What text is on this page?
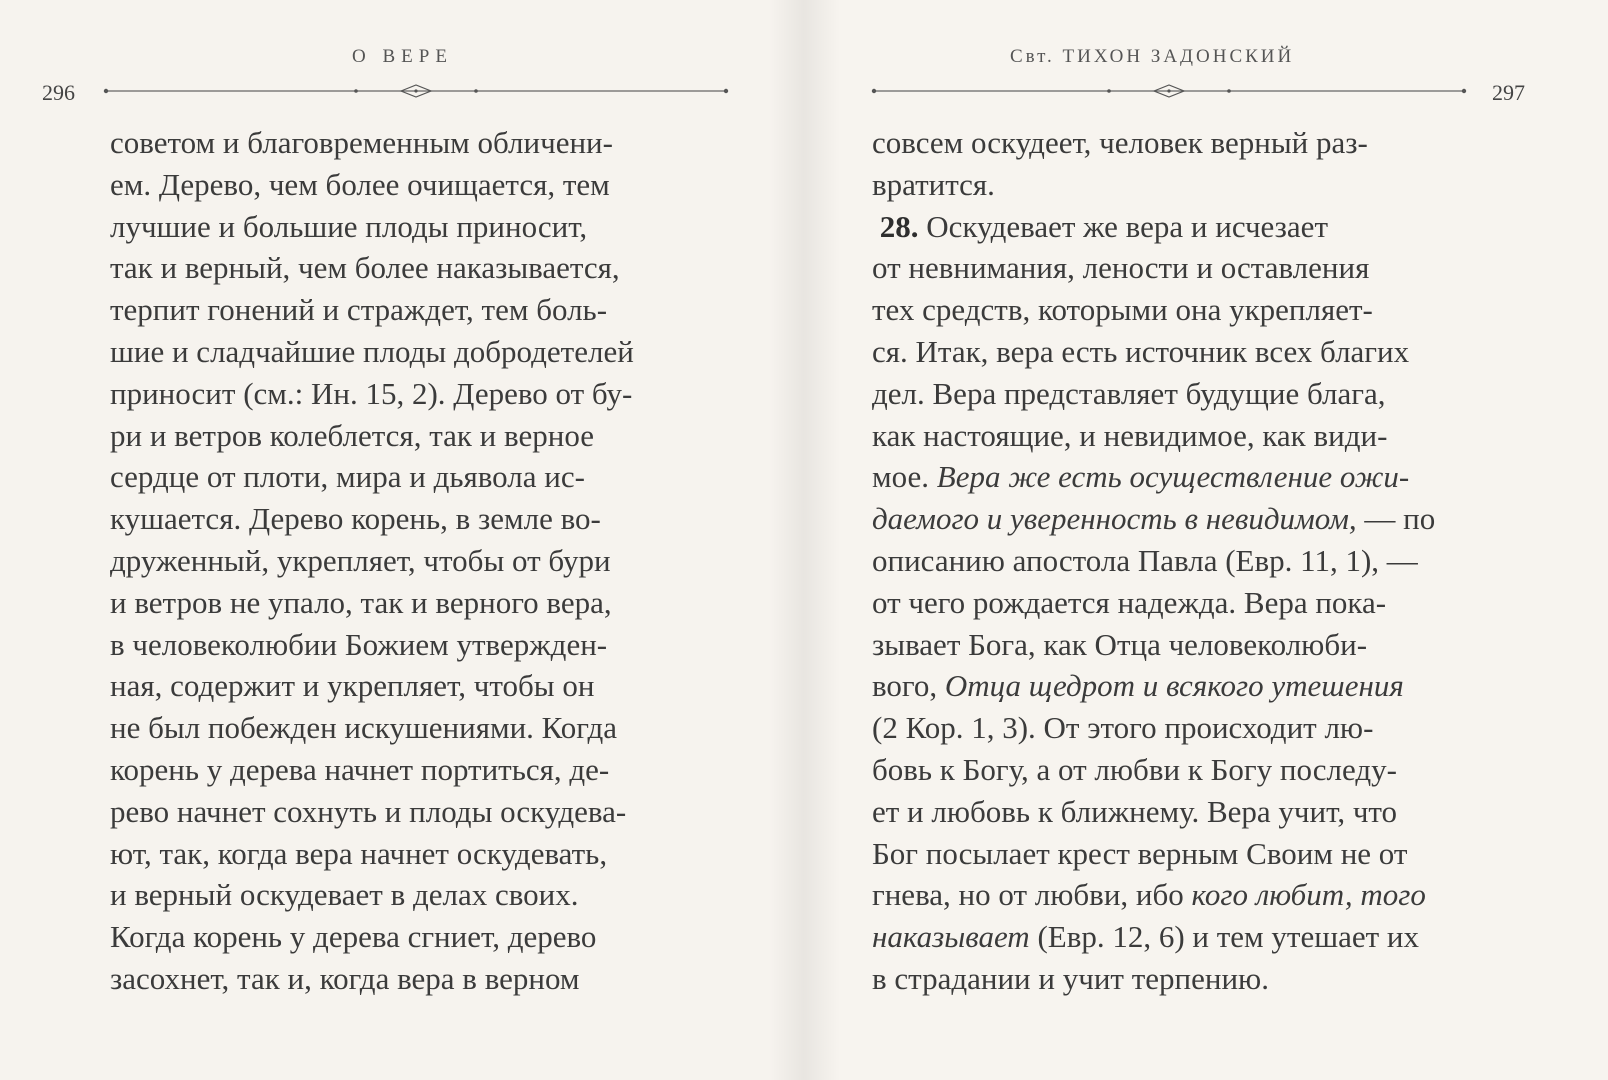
О ВЕРЕ
296
советом и благовременным обличени-
ем. Дерево, чем более очищается, тем
лучшие и большие плоды приносит,
так и верный, чем более наказывается,
терпит гонений и страждет, тем боль-
шие и сладчайшие плоды добродетелей
приносит (см.: Ин. 15, 2). Дерево от бу-
ри и ветров колеблется, так и верное
сердце от плоти, мира и дьявола ис-
кушается. Дерево корень, в земле во-
друженный, укрепляет, чтобы от бури
и ветров не упало, так и верного вера,
в человеколюбии Божием утвержден-
ная, содержит и укрепляет, чтобы он
не был побежден искушениями. Когда
корень у дерева начнет портиться, де-
рево начнет сохнуть и плоды оскудева-
ют, так, когда вера начнет оскудевать,
и верный оскудевает в делах своих.
Когда корень у дерева сгниет, дерево
засохнет, так и, когда вера в верном
Свт. ТИХОН ЗАДОНСКИЙ
297
совсем оскудеет, человек верный раз-
вратится.
28. Оскудевает же вера и исчезает
от невнимания, лености и оставления
тех средств, которыми она укрепляет-
ся. Итак, вера есть источник всех благих
дел. Вера представляет будущие блага,
как настоящие, и невидимое, как види-
мое. Вера же есть осуществление ожи-
даемого и уверенность в невидимом, — по
описанию апостола Павла (Евр. 11, 1), —
от чего рождается надежда. Вера пока-
зывает Бога, как Отца человеколюби-
вого, Отца щедрот и всякого утешения
(2 Кор. 1, 3). От этого происходит лю-
бовь к Богу, а от любви к Богу последу-
ет и любовь к ближнему. Вера учит, что
Бог посылает крест верным Своим не от
гнева, но от любви, ибо кого любит, того
наказывает (Евр. 12, 6) и тем утешает их
в страдании и учит терпению.
